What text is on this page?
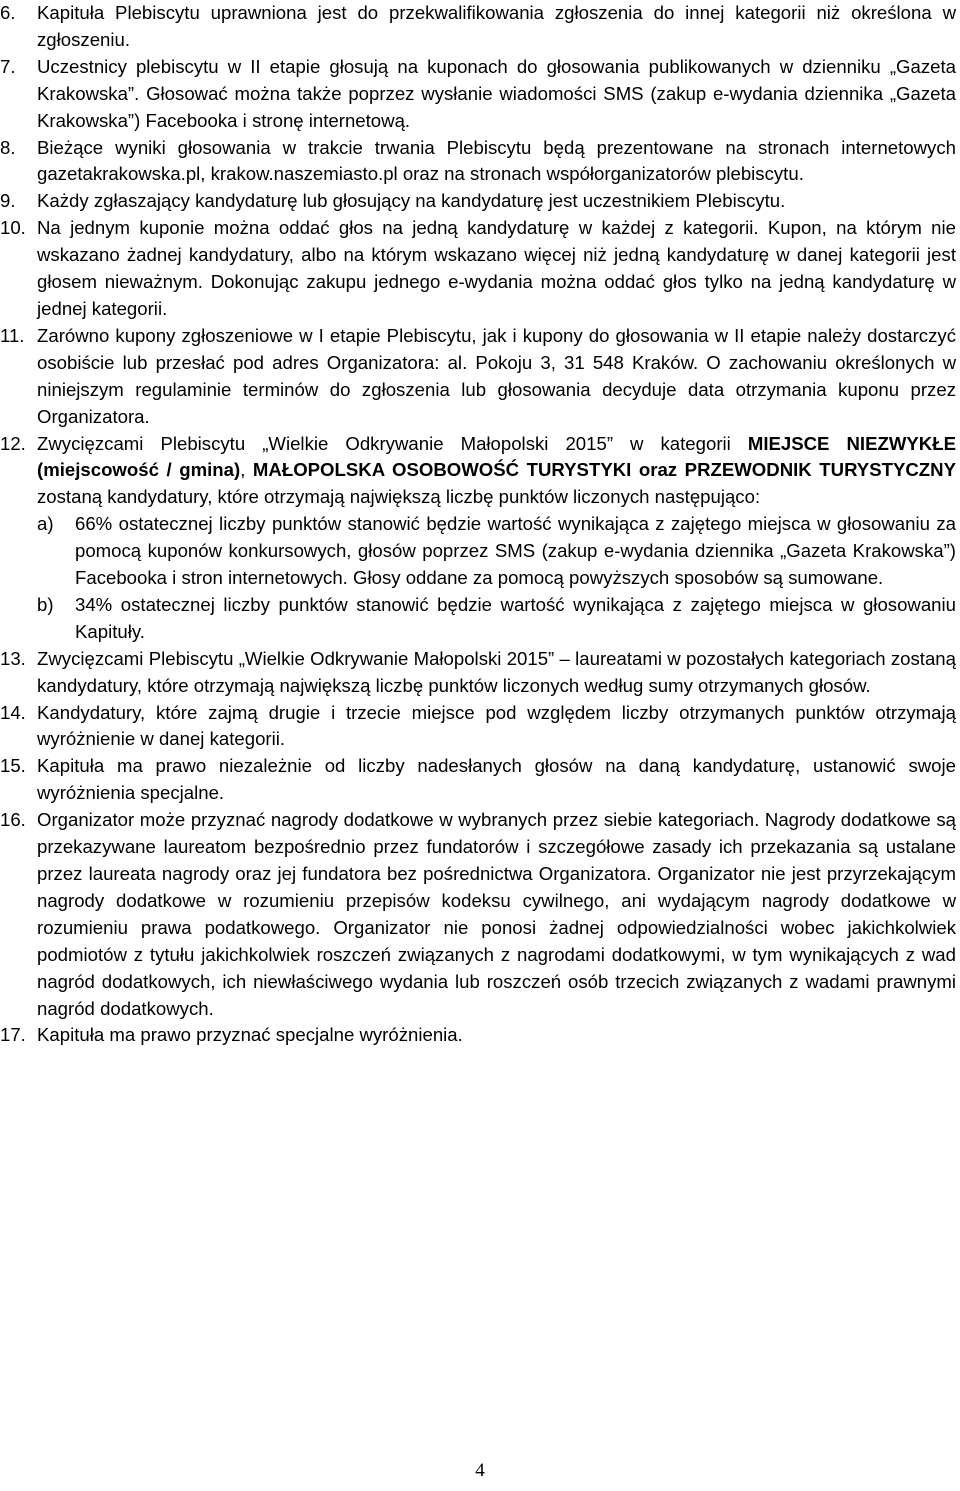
6.	Kapituła Plebiscytu uprawniona jest do przekwalifikowania zgłoszenia do innej kategorii niż określona w zgłoszeniu.
7.	Uczestnicy plebiscytu w II etapie głosują na kuponach do głosowania publikowanych w dzienniku „Gazeta Krakowska”. Głosować można także poprzez wysłanie wiadomości SMS (zakup e-wydania dziennika „Gazeta Krakowska”) Facebooka i stronę internetową.
8.	Bieżące wyniki głosowania w trakcie trwania Plebiscytu będą prezentowane na stronach internetowych gazetakrakowska.pl, krakow.naszemiasto.pl oraz na stronach współorganizatorów plebiscytu.
9.	Każdy zgłaszający kandydaturę lub głosujący na kandydaturę jest uczestnikiem Plebiscytu.
10. Na jednym kuponie można oddać głos na jedną kandydaturę w każdej z kategorii. Kupon, na którym nie wskazano żadnej kandydatury, albo na którym wskazano więcej niż jedną kandydaturę w danej kategorii jest głosem nieważnym. Dokonując zakupu jednego e-wydania można oddać głos tylko na jedną kandydaturę w jednej kategorii.
11. Zarówno kupony zgłoszeniowe w I etapie Plebiscytu, jak i kupony do głosowania w II etapie należy dostarczyć osobiście lub przesłać pod adres Organizatora: al. Pokoju 3, 31 548 Kraków. O zachowaniu określonych w niniejszym regulaminie terminów do zgłoszenia lub głosowania decyduje data otrzymania kuponu przez Organizatora.
12. Zwycięzcami Plebiscytu „Wielkie Odkrywanie Małopolski 2015” w kategorii MIEJSCE NIEZWYKŁE (miejscowość / gmina), MAŁOPOLSKA OSOBOWOŚĆ TURYSTYKI oraz PRZEWODNIK TURYSTYCZNY zostaną kandydatury, które otrzymają największą liczbę punktów liczonych następująco:
a)	66% ostatecznej liczby punktów stanowić będzie wartość wynikająca z zajętego miejsca w głosowaniu za pomocą kuponów konkursowych, głosów poprzez SMS (zakup e-wydania dziennika „Gazeta Krakowska”) Facebooka i stron internetowych. Głosy oddane za pomocą powyższych sposobów są sumowane.
b)	34% ostatecznej liczby punktów stanowić będzie wartość wynikająca z zajętego miejsca w głosowaniu Kapituły.
13. Zwycięzcami Plebiscytu „Wielkie Odkrywanie Małopolski 2015” – laureatami w pozostałych kategoriach zostaną kandydatury, które otrzymają największą liczbę punktów liczonych według sumy otrzymanych głosów.
14. Kandydatury, które zajmą drugie i trzecie miejsce pod względem liczby otrzymanych punktów otrzymają wyróżnienie w danej kategorii.
15. Kapituła ma prawo niezależnie od liczby nadesłanych głosów na daną kandydaturę, ustanowić swoje wyróżnienia specjalne.
16. Organizator może przyznać nagrody dodatkowe w wybranych przez siebie kategoriach. Nagrody dodatkowe są przekazywane laureatom bezpośrednio przez fundatorów i szczegółowe zasady ich przekazania są ustalane przez laureata nagrody oraz jej fundatora bez pośrednictwa Organizatora. Organizator nie jest przyrzekającym nagrody dodatkowe w rozumieniu przepisów kodeksu cywilnego, ani wydającym nagrody dodatkowe w rozumieniu prawa podatkowego. Organizator nie ponosi żadnej odpowiedzialności wobec jakichkolwiek podmiotów z tytułu jakichkolwiek roszczeń związanych z nagrodami dodatkowymi, w tym wynikających z wad nagród dodatkowych, ich niewłaściwego wydania lub roszczeń osób trzecich związanych z wadami prawnymi nagród dodatkowych.
17. Kapituła ma prawo przyznać specjalne wyróżnienia.
4
